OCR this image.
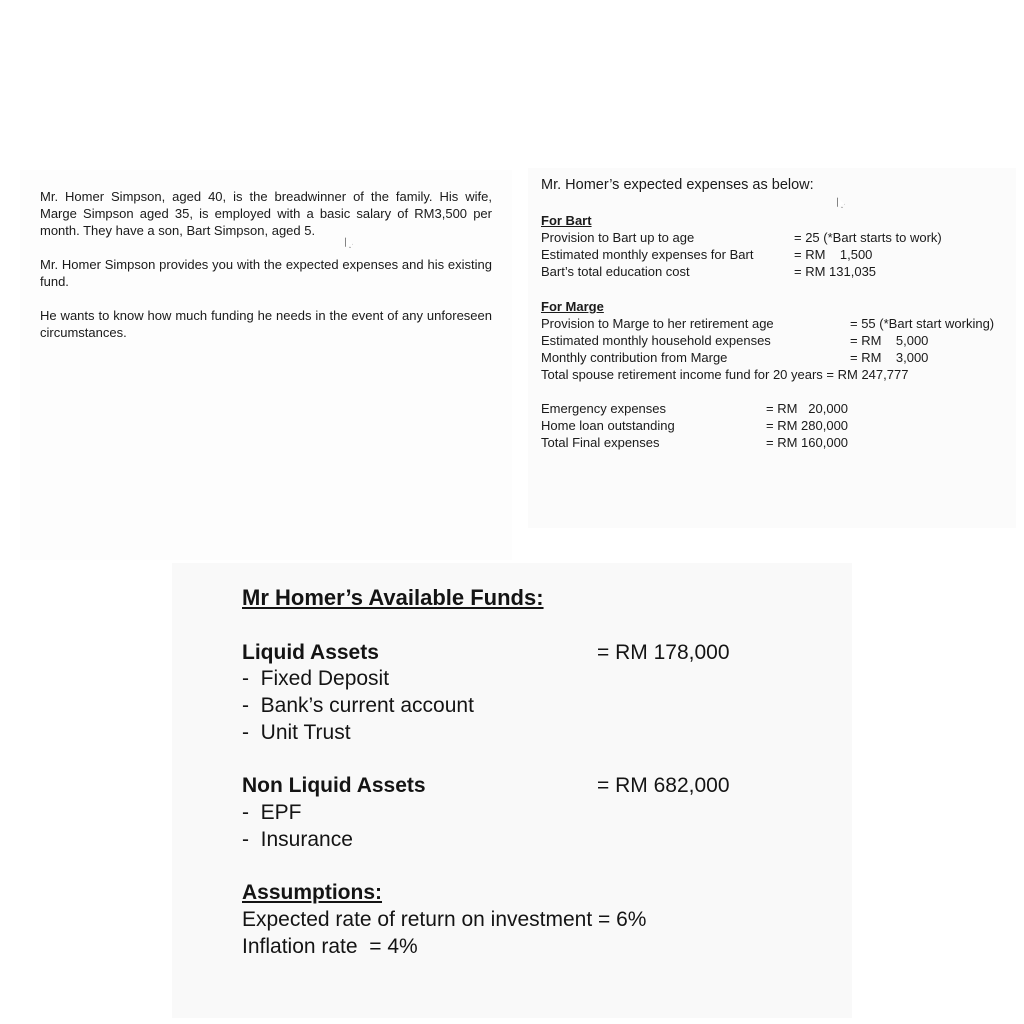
Mr. Homer Simpson, aged 40, is the breadwinner of the family. His wife, Marge Simpson aged 35, is employed with a basic salary of RM3,500 per month. They have a son, Bart Simpson, aged 5.
Mr. Homer Simpson provides you with the expected expenses and his existing fund.
He wants to know how much funding he needs in the event of any unforeseen circumstances.
Mr. Homer’s expected expenses as below:
For Bart
Provision to Bart up to age	= 25 (*Bart starts to work)
Estimated monthly expenses for Bart	= RM    1,500
Bart’s total education cost	= RM 131,035
For Marge
Provision to Marge to her retirement age	= 55 (*Bart start working)
Estimated monthly household expenses	= RM    5,000
Monthly contribution from Marge	= RM    3,000
Total spouse retirement income fund for 20 years = RM 247,777
Emergency expenses	= RM   20,000
Home loan outstanding	= RM 280,000
Total Final expenses	= RM 160,000
Mr Homer’s Available Funds:
Liquid Assets	= RM 178,000
-  Fixed Deposit
-  Bank’s current account
-  Unit Trust
Non Liquid Assets	= RM 682,000
-  EPF
-  Insurance
Assumptions:
Expected rate of return on investment = 6%
Inflation rate  = 4%
